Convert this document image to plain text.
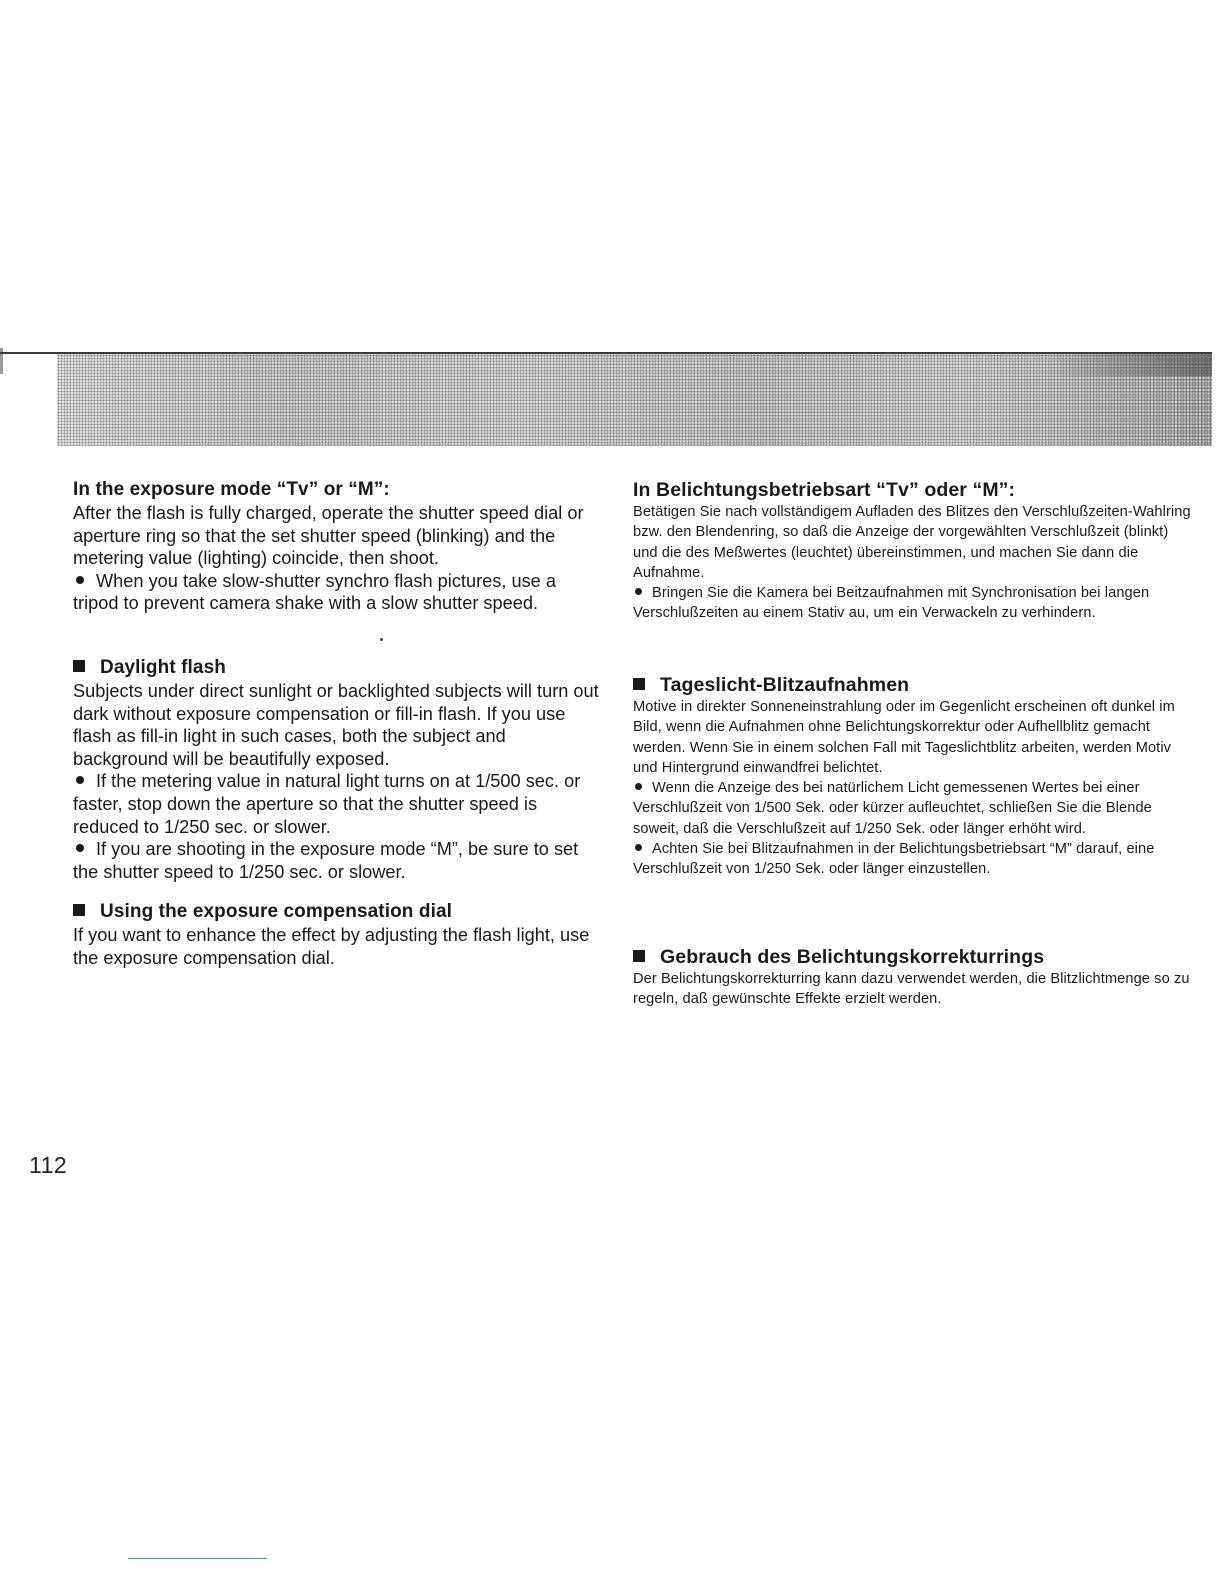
In the exposure mode “Tv” or “M”:

After the flash is fully charged, operate the shutter speed dial or aperture ring so that the set shutter speed (blinking) and the metering value (lighting) coincide, then shoot.

When you take slow-shutter synchro flash pictures, use a tripod to prevent camera shake with a slow shutter speed.

Daylight flash

Subjects under direct sunlight or backlighted subjects will turn out dark without exposure compensation or fill-in flash. If you use flash as fill-in light in such cases, both the subject and background will be beautifully exposed.

If the metering value in natural light turns on at 1/500 sec. or faster, stop down the aperture so that the shutter speed is reduced to 1/250 sec. or slower.

If you are shooting in the exposure mode “M”, be sure to set the shutter speed to 1/250 sec. or slower.

Using the exposure compensation dial

If you want to enhance the effect by adjusting the flash light, use the exposure compensation dial.

In Belichtungsbetriebsart “Tv” oder “M”:

Betätigen Sie nach vollständigem Aufladen des Blitzes den Verschlußzeiten-Wahlring bzw. den Blendenring, so daß die Anzeige der vorgewählten Verschlußzeit (blinkt) und die des Meßwertes (leuchtet) übereinstimmen, und machen Sie dann die Aufnahme.

Bringen Sie die Kamera bei Beitzaufnahmen mit Synchronisation bei langen Verschlußzeiten au einem Stativ au, um ein Verwackeln zu verhindern.

Tageslicht-Blitzaufnahmen

Motive in direkter Sonneneinstrahlung oder im Gegenlicht erscheinen oft dunkel im Bild, wenn die Aufnahmen ohne Belichtungskorrektur oder Aufhellblitz gemacht werden. Wenn Sie in einem solchen Fall mit Tageslichtblitz arbeiten, werden Motiv und Hintergrund einwandfrei belichtet.

Wenn die Anzeige des bei natürlichem Licht gemessenen Wertes bei einer Verschlußzeit von 1/500 Sek. oder kürzer aufleuchtet, schließen Sie die Blende soweit, daß die Verschlußzeit auf 1/250 Sek. oder länger erhöht wird.

Achten Sie bei Blitzaufnahmen in der Belichtungsbetriebsart “M” darauf, eine Verschlußzeit von 1/250 Sek. oder länger einzustellen.

Gebrauch des Belichtungskorrekturrings

Der Belichtungskorrekturring kann dazu verwendet werden, die Blitzlichtmenge so zu regeln, daß gewünschte Effekte erzielt werden.

112
